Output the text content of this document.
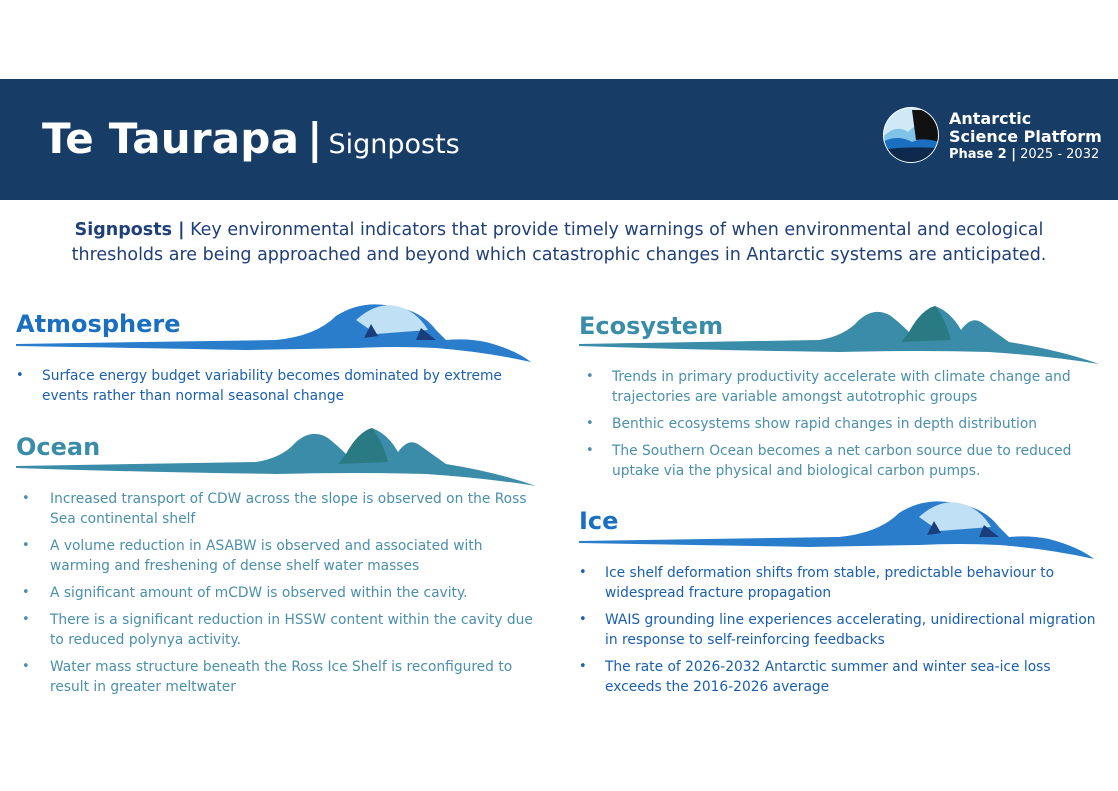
Te Taurapa | Signposts
Antarctic
Science Platform
Phase 2 | 2025 - 2032
Signposts | Key environmental indicators that provide timely warnings of when environmental and ecological thresholds are being approached and beyond which catastrophic changes in Antarctic systems are anticipated.
Atmosphere
• Surface energy budget variability becomes dominated by extreme events rather than normal seasonal change
Ocean
• Increased transport of CDW across the slope is observed on the Ross Sea continental shelf
• A volume reduction in ASABW is observed and associated with warming and freshening of dense shelf water masses
• A significant amount of mCDW is observed within the cavity.
• There is a significant reduction in HSSW content within the cavity due to reduced polynya activity.
• Water mass structure beneath the Ross Ice Shelf is reconfigured to result in greater meltwater
Ecosystem
• Trends in primary productivity accelerate with climate change and trajectories are variable amongst autotrophic groups
• Benthic ecosystems show rapid changes in depth distribution
• The Southern Ocean becomes a net carbon source due to reduced uptake via the physical and biological carbon pumps.
Ice
• Ice shelf deformation shifts from stable, predictable behaviour to widespread fracture propagation
• WAIS grounding line experiences accelerating, unidirectional migration in response to self-reinforcing feedbacks
• The rate of 2026-2032 Antarctic summer and winter sea-ice loss exceeds the 2016-2026 average
